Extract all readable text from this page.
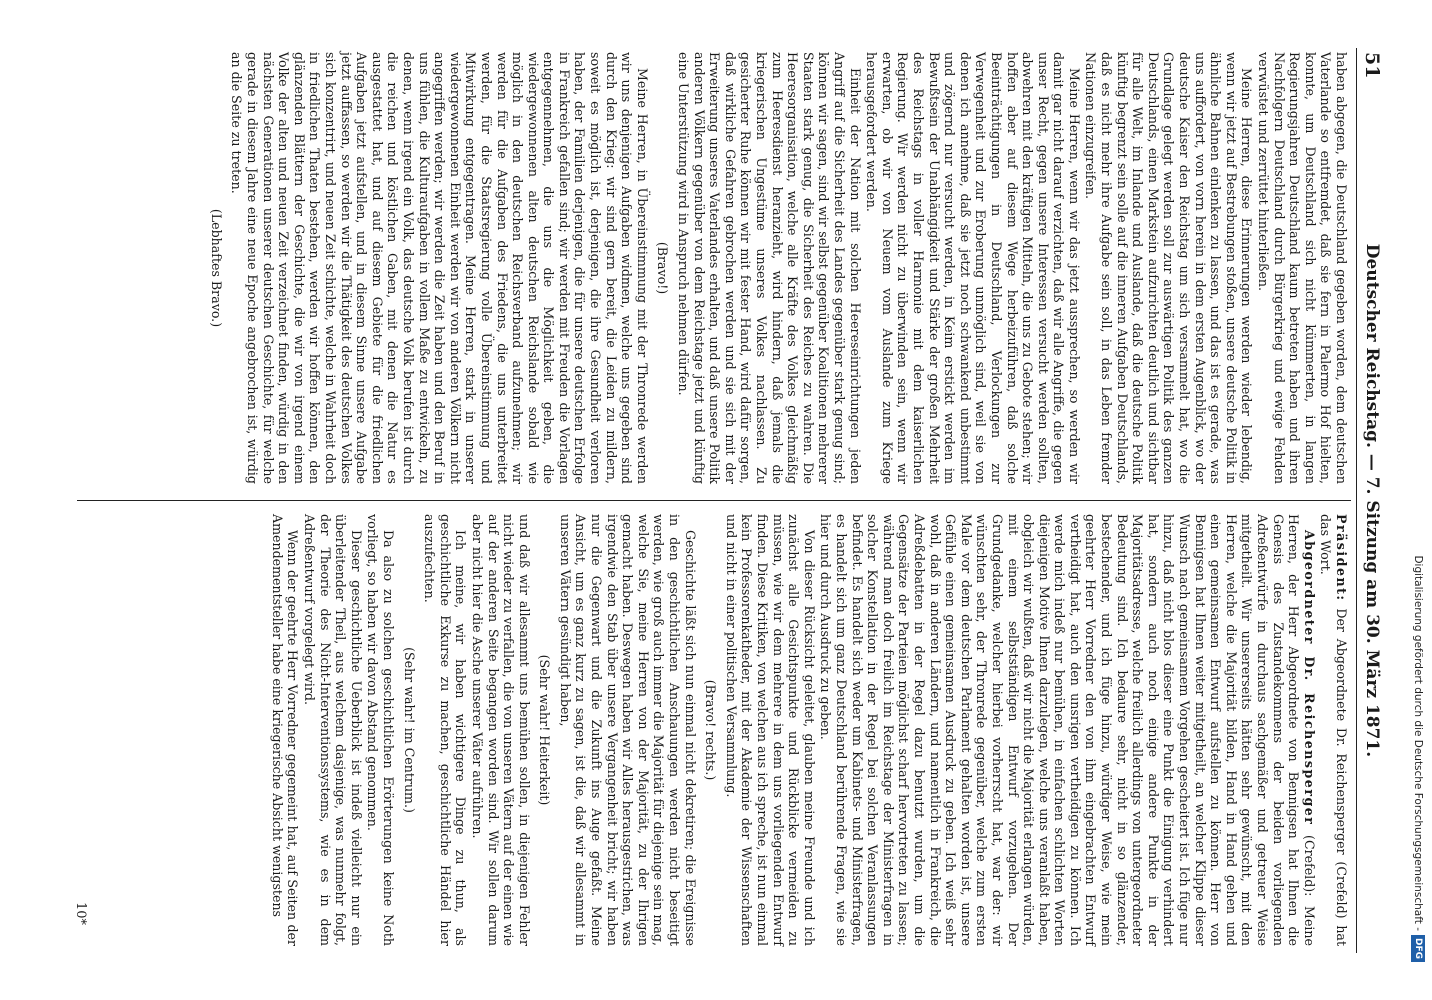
51
Deutscher Reichstag. — 7. Sitzung am 30. März 1871.

haben abgegen, die Deutschland gegeben worden, dem deutschen Vaterlande so entfremdet, daß sie fern in Palermo Hof hielten, konnte, um Deutschland sich nicht kümmerten, in langen Regierungsjahren Deutschland kaum betreten haben und ihren Nachfolgern Deutschland durch Bürgerkrieg und ewige Fehden verwüstet und zerrüttet hinterließen.

Meine Herren, diese Erinnerungen werden wieder lebendig, wenn wir jetzt auf Bestrebungen stoßen, unsere deutsche Politik in ähnliche Bahnen einlenken zu lassen, und das ist es gerade, was uns auffordert, von vorn herein in dem ersten Augenblick, wo der deutsche Kaiser den Reichstag um sich versammelt hat, wo die Grundlage gelegt werden soll zur auswärtigen Politik des ganzen Deutschlands, einen Markstein aufzurichten deutlich und sichtbar für alle Welt, im Inlande und Auslande, daß die deutsche Politik künftig begrenzt sein solle auf die inneren Aufgaben Deutschlands, daß es nicht mehr ihre Aufgabe sein soll, in das Leben fremder Nationen einzugreifen.

Meine Herren, wenn wir das jetzt aussprechen, so werden wir damit gar nicht darauf verzichten, daß wir alle Angriffe, die gegen unser Recht, gegen unsere Interessen versucht werden sollten, abwehren mit den kräftigen Mitteln, die uns zu Gebote stehen; wir hoffen aber auf diesem Wege herbeizuführen, daß solche Beeinträchtigungen in Deutschland, Verlockungen zur Verwegenheit und zur Eroberung unmöglich sind, weil sie von denen ich annehme, daß sie jetzt noch schwankend unbestimmt und zögernd nur versucht werden, in Keim erstickt werden im Bewußtsein der Unabhängigkeit und Stärke der großen Mehrheit des Reichstags in voller Harmonie mit dem kaiserlichen Regierung. Wir werden nicht zu überwinden sein, wenn wir erwarten, ob wir von Neuem vom Auslande zum Kriege herausgefordert werden.

Einheit der Nation mit solchen Heereseinrichtungen jeden Angriff auf die Sicherheit des Landes gegenüber stark genug sind; können wir sagen, sind wir selbst gegenüber Koalitionen mehrerer Staaten stark genug, die Sicherheit des Reiches zu wahren. Die Heeresorganisation, welche alle Kräfte des Volkes gleichmäßig zum Heeresdienst heranzieht, wird hindern, daß jemals die kriegerischen Ungestüme unseres Volkes nachlassen. Zu gesicherter Ruhe können wir mit fester Hand, wird dafür sorgen, daß wirkliche Gefahren gebrochen werden und sie sich mit der Erweiterung unseres Vaterlandes erhalten, und daß unsere Politik anderen Völkern gegenüber von dem Reichstage jetzt und künftig eine Unterstützung wird in Anspruch nehmen dürfen.

(Bravo!)

Meine Herren, in Übereinstimmung mit der Thronrede werden wir uns denjenigen Aufgaben widmen, welche uns gegeben sind durch den Krieg: wir sind gern bereit, die Leiden zu mildern, soweit es möglich ist, derjenigen, die ihre Gesundheit verloren haben, der Familien derjenigen, die für unsere deutschen Erfolge in Frankreich gefallen sind; wir werden mit Freuden die Vorlagen entgegennehmen, die uns die Möglichkeit geben, die wiedergewonnenen alten deutschen Reichslande sobald wie möglich in den deutschen Reichsverband aufzunehmen; wir werden für die Aufgaben des Friedens, die uns unterbreitet werden, für die Staatsregierung volle Übereinstimmung und Mitwirkung entgegentragen. Meine Herren, stark in unserer wiedergewonnenen Einheit werden wir von anderen Völkern nicht angegriffen werden; wir werden die Zeit haben und den Beruf in uns fühlen, die Kulturaufgaben in vollem Maße zu entwickeln, zu denen, wenn irgend ein Volk, das deutsche Volk berufen ist durch die reichen und köstlichen Gaben, mit denen die Natur es ausgestattet hat, und auf diesem Gebiete für die friedlichen Aufgaben jetzt aufstellen, und in diesem Sinne unsere Aufgabe jetzt auffassen, so werden wir die Thätigkeit des deutschen Volkes sich konzentrirt, und neuen Zeit schichte, welche in Wahrheit doch in friedlichen Thaten bestehen, werden wir hoffen können, den glänzenden Blättern der Geschichte, die wir von irgend einem Volke der alten und neuen Zeit verzeichnet finden, würdig in den nächsten Generationen unserer deutschen Geschichte, für welche gerade in diesem Jahre eine neue Epoche angebrochen ist, würdig an die Seite zu treten.

(Lebhaftes Bravo.)

Präsident: Der Abgeordnete Dr. Reichensperger (Crefeld) hat das Wort.

Abgeordneter Dr. Reichensperger (Crefeld): Meine Herren, der Herr Abgeordnete von Bennigsen hat Ihnen die Genesis des Zustandekommens der beiden vorliegenden Adreßentwürfe in durchaus sachgemäßer und getreuer Weise mitgetheilt. Wir unsererseits hätten sehr gewünscht, mit den Herren, welche die Majorität bilden, Hand in Hand gehen und einen gemeinsamen Entwurf aufstellen zu können. Herr von Bennigsen hat Ihnen weiter mitgetheilt, an welcher Klippe dieser Wunsch nach gemeinsamem Vorgehen gescheitert ist. Ich füge nur hinzu, daß nicht blos dieser eine Punkt die Einigung verhindert hat, sondern auch noch einige andere Punkte in der Majoritätsadresse, welche freilich allerdings von untergeordneter Bedeutung sind. Ich bedaure sehr, nicht in so glänzender, bestechender, und ich füge hinzu, würdiger Weise, wie mein geehrter Herr Vorredner den von ihm eingebrachten Entwurf vertheidigt hat, auch den unsrigen vertheidigen zu können. Ich werde mich indeß nur bemühen, in einfachen schlichten Worten diejenigen Motive Ihnen darzulegen, welche uns veranlaßt haben, obgleich wir wußten, daß wir nicht die Majorität erlangen würden, mit einem selbstständigen Entwurf vorzugehen. Der Grundgedanke, welcher hierbei vorherrscht hat, war der: wir wünschten sehr, der Thronrede gegenüber, welche zum ersten Male vor dem deutschen Parlament gehalten worden ist, unsere Gefühle einen gemeinsamen Ausdruck zu geben. Ich weiß sehr wohl, daß in anderen Ländern, und namentlich in Frankreich, die Adreßdebatten in der Regel dazu benutzt wurden, um die Gegensätze der Parteien möglichst scharf hervortreten zu lassen; während man doch freilich im Reichstage der Ministerfragen in solcher Konstellation in der Regel bei solchen Veranlassungen befindet. Es handelt sich weder um Kabinets- und Ministerfragen, es handelt sich um ganz Deutschland berührende Fragen, wie sie hier und durch Ausdruck zu geben.

Von dieser Rücksicht geleitet, glauben meine Freunde und ich zunächst alle Gesichtspunkte und Rückblicke vermeiden zu müssen, wie wir dem mehrere in dem uns vorliegenden Entwurf finden. Diese Kritiken, von welchen aus ich spreche, ist nun einmal kein Professorenkatheder, mit der Akademie der Wissenschaften und nicht in einer politischen Versammlung.

(Bravo! rechts.)

Geschichte läßt sich nun einmal nicht dekretiren; die Ereignisse in den geschichtlichen Anschauungen werden nicht beseitigt werden, wie groß auch immer die Majorität für diejenige sein mag, welche Sie, meine Herren von der Majorität, zu der Ihrigen gemacht haben. Deswegen haben wir Alles herausgestrichen, was irgendwie den Stab über unsere Vergangenheit bricht; wir haben nur die Gegenwart und die Zukunft ins Auge gefaßt. Meine Ansicht, um es ganz kurz zu sagen, ist die, daß wir allesammt in unseren Vätern gesündigt haben,

(Sehr wahr! Heiterkeit)

und daß wir allesammt uns bemühen sollen, in diejenigen Fehler nicht wieder zu verfallen, die von unseren Vätern auf der einen wie auf der anderen Seite begangen worden sind. Wir sollen darum aber nicht hier die Asche unserer Väter aufrühren.

Ich meine, wir haben wichtigere Dinge zu thun, als geschichtliche Exkurse zu machen, geschichtliche Händel hier auszufechten.

(Sehr wahr! im Centrum.)

Da also zu solchen geschichtlichen Erörterungen keine Noth vorliegt, so haben wir davon Abstand genommen.

Dieser geschichtliche Ueberblick ist indeß vielleicht nur ein überleitender Theil, aus welchem dasjenige, was nunmehr folgt, der Theorie des Nicht-Interventionssystems, wie es in dem Adreßentwurf vorgelegt wird.

Wenn der geehrte Herr Vorredner gegemeint hat, auf Seiten der Amendementsteller habe eine kriegerische Absicht wenigstens

10*	Digitalisierung gefördert durch die Deutsche Forschungsgemeinschaft -DFG
